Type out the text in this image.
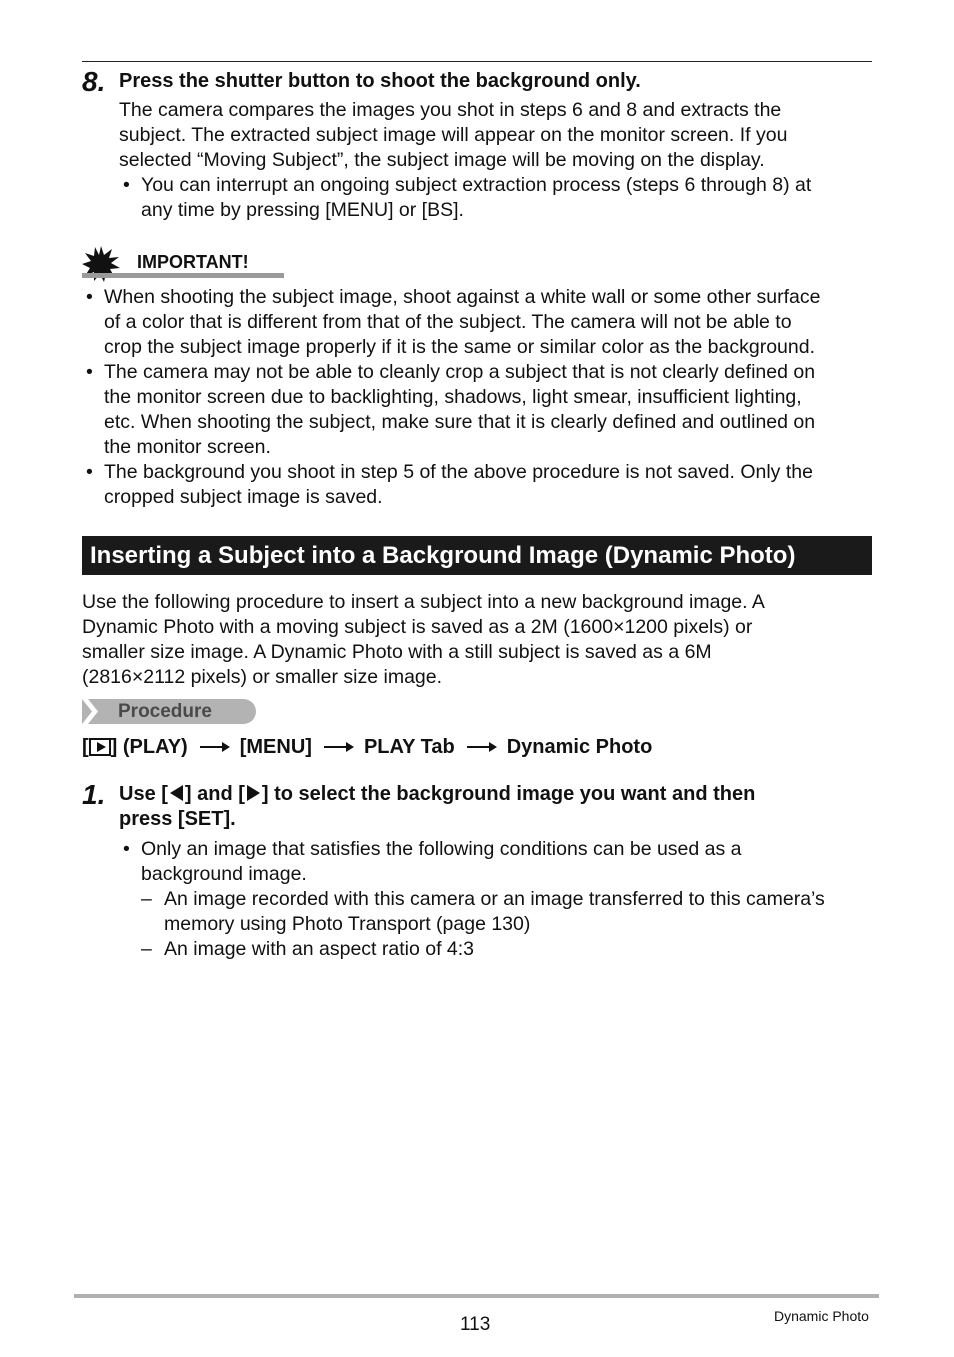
8. Press the shutter button to shoot the background only.
The camera compares the images you shot in steps 6 and 8 and extracts the
subject. The extracted subject image will appear on the monitor screen. If you
selected “Moving Subject”, the subject image will be moving on the display.
• You can interrupt an ongoing subject extraction process (steps 6 through 8) at
any time by pressing [MENU] or [BS].
IMPORTANT!
• When shooting the subject image, shoot against a white wall or some other surface
of a color that is different from that of the subject. The camera will not be able to
crop the subject image properly if it is the same or similar color as the background.
• The camera may not be able to cleanly crop a subject that is not clearly defined on
the monitor screen due to backlighting, shadows, light smear, insufficient lighting,
etc. When shooting the subject, make sure that it is clearly defined and outlined on
the monitor screen.
• The background you shoot in step 5 of the above procedure is not saved. Only the
cropped subject image is saved.
Inserting a Subject into a Background Image (Dynamic Photo)
Use the following procedure to insert a subject into a new background image. A
Dynamic Photo with a moving subject is saved as a 2M (1600×1200 pixels) or
smaller size image. A Dynamic Photo with a still subject is saved as a 6M
(2816×2112 pixels) or smaller size image.
Procedure
[ ] (PLAY)	[MENU]	PLAY Tab	Dynamic Photo
1. Use [ ] and [ ] to select the background image you want and then
press [SET].
• Only an image that satisfies the following conditions can be used as a
background image.
– An image recorded with this camera or an image transferred to this camera’s
memory using Photo Transport (page 130)
– An image with an aspect ratio of 4:3
113	Dynamic Photo
